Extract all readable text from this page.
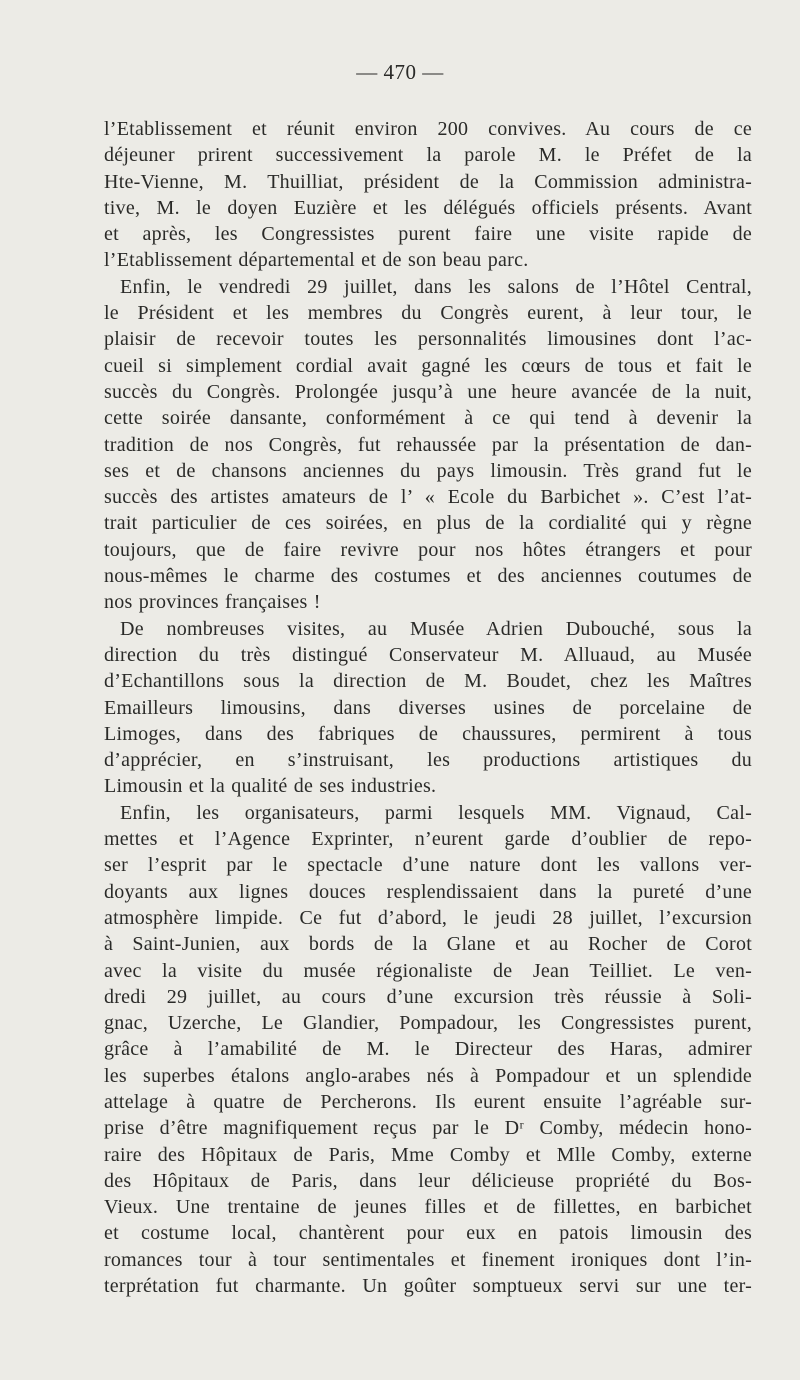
— 470 —
l’Etablissement et réunit environ 200 convives. Au cours de ce
déjeuner prirent successivement la parole M. le Préfet de la
Hte-Vienne, M. Thuilliat, président de la Commission administra-
tive, M. le doyen Euzière et les délégués officiels présents. Avant
et après, les Congressistes purent faire une visite rapide de
l’Etablissement départemental et de son beau parc.
Enfin, le vendredi 29 juillet, dans les salons de l’Hôtel Central,
le Président et les membres du Congrès eurent, à leur tour, le
plaisir de recevoir toutes les personnalités limousines dont l’ac-
cueil si simplement cordial avait gagné les cœurs de tous et fait le
succès du Congrès. Prolongée jusqu’à une heure avancée de la nuit,
cette soirée dansante, conformément à ce qui tend à devenir la
tradition de nos Congrès, fut rehaussée par la présentation de dan-
ses et de chansons anciennes du pays limousin. Très grand fut le
succès des artistes amateurs de l’ « Ecole du Barbichet ». C’est l’at-
trait particulier de ces soirées, en plus de la cordialité qui y règne
toujours, que de faire revivre pour nos hôtes étrangers et pour
nous-mêmes le charme des costumes et des anciennes coutumes de
nos provinces françaises !
De nombreuses visites, au Musée Adrien Dubouché, sous la
direction du très distingué Conservateur M. Alluaud, au Musée
d’Echantillons sous la direction de M. Boudet, chez les Maîtres
Emailleurs limousins, dans diverses usines de porcelaine de
Limoges, dans des fabriques de chaussures, permirent à tous
d’apprécier, en s’instruisant, les productions artistiques du
Limousin et la qualité de ses industries.
Enfin, les organisateurs, parmi lesquels MM. Vignaud, Cal-
mettes et l’Agence Exprinter, n’eurent garde d’oublier de repo-
ser l’esprit par le spectacle d’une nature dont les vallons ver-
doyants aux lignes douces resplendissaient dans la pureté d’une
atmosphère limpide. Ce fut d’abord, le jeudi 28 juillet, l’excursion
à Saint-Junien, aux bords de la Glane et au Rocher de Corot
avec la visite du musée régionaliste de Jean Teilliet. Le ven-
dredi 29 juillet, au cours d’une excursion très réussie à Soli-
gnac, Uzerche, Le Glandier, Pompadour, les Congressistes purent,
grâce à l’amabilité de M. le Directeur des Haras, admirer
les superbes étalons anglo-arabes nés à Pompadour et un splendide
attelage à quatre de Percherons. Ils eurent ensuite l’agréable sur-
prise d’être magnifiquement reçus par le Dʳ Comby, médecin hono-
raire des Hôpitaux de Paris, Mme Comby et Mlle Comby, externe
des Hôpitaux de Paris, dans leur délicieuse propriété du Bos-
Vieux. Une trentaine de jeunes filles et de fillettes, en barbichet
et costume local, chantèrent pour eux en patois limousin des
romances tour à tour sentimentales et finement ironiques dont l’in-
terprétation fut charmante. Un goûter somptueux servi sur une ter-
